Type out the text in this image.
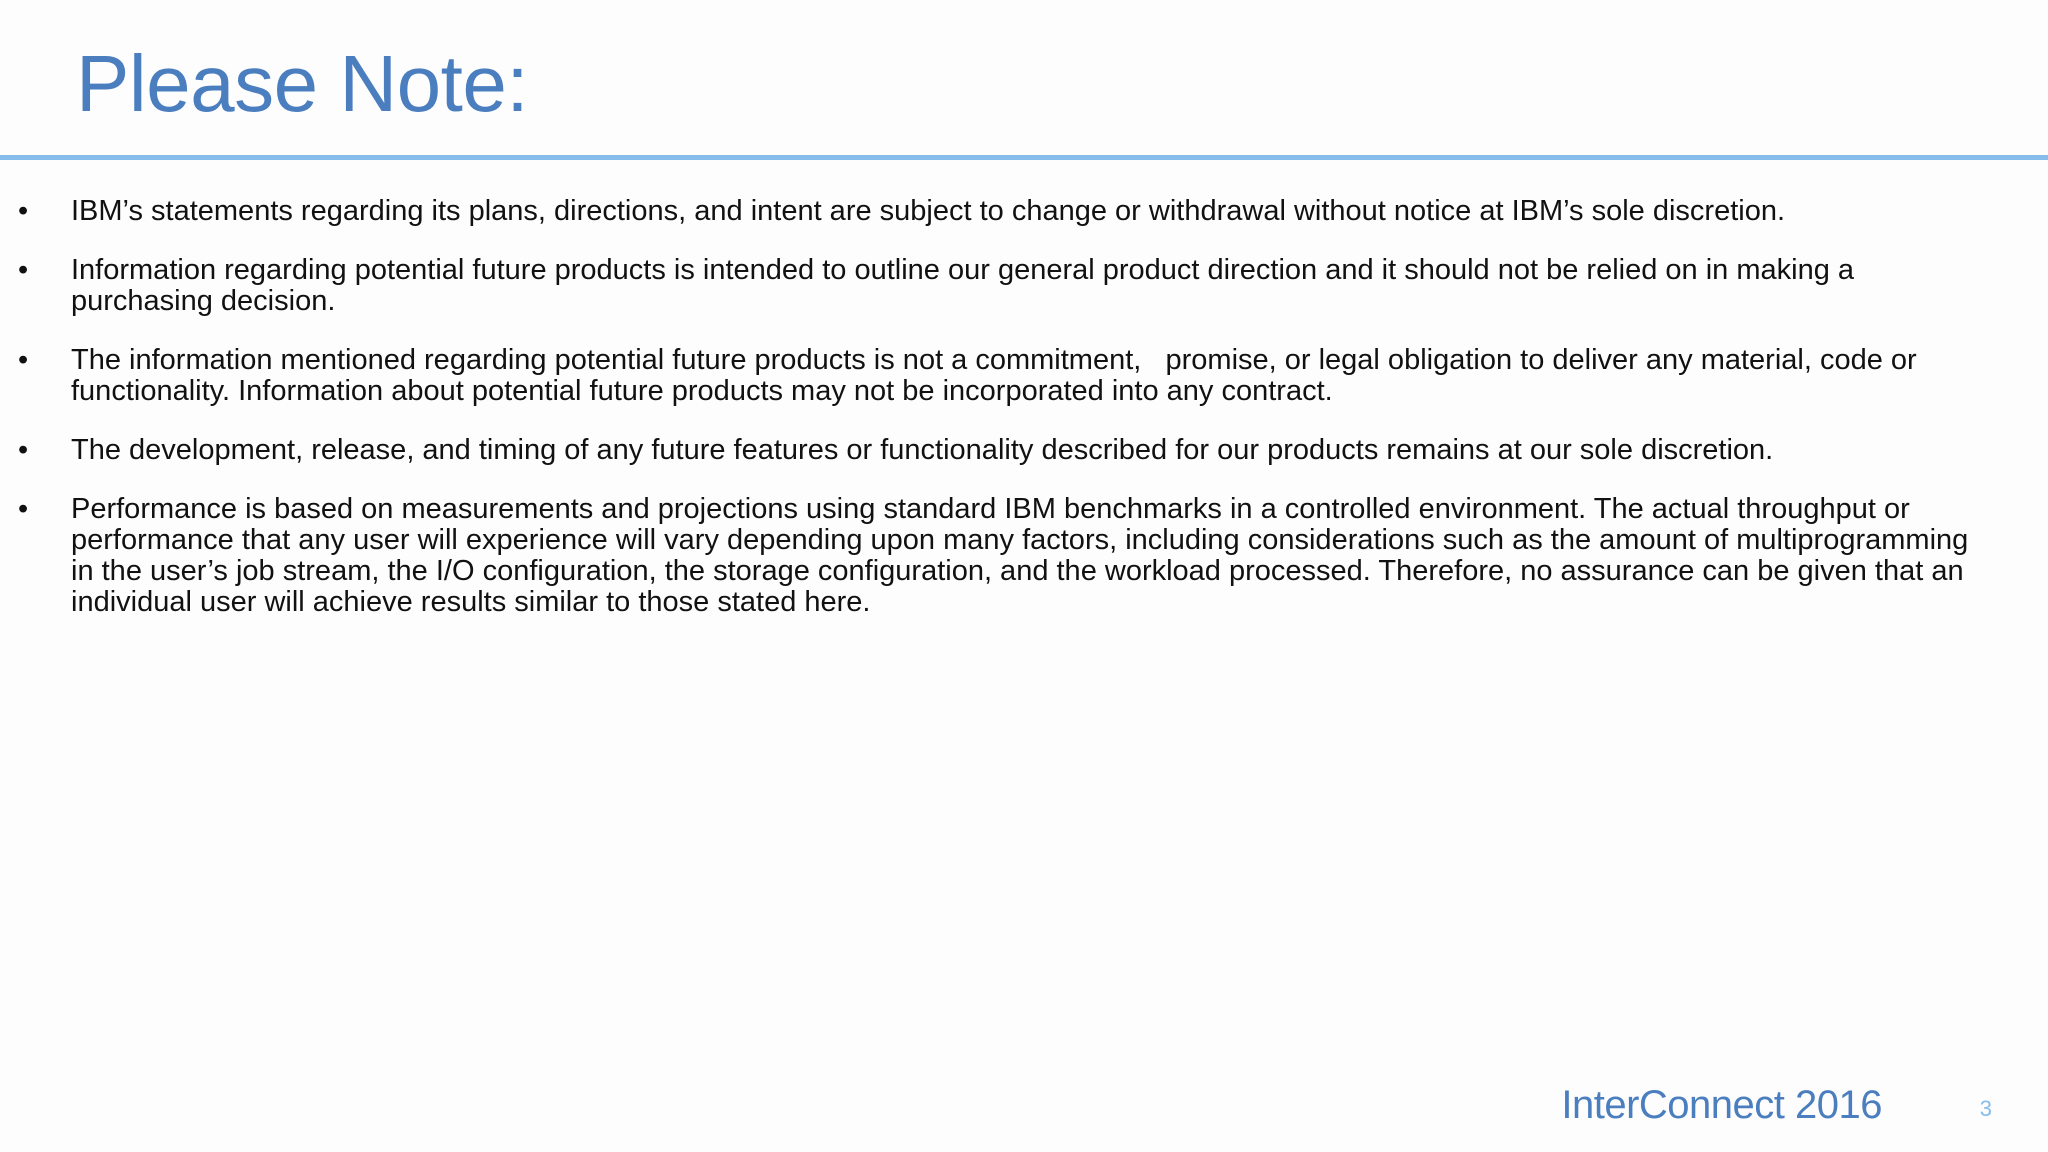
Please Note:
•	IBM’s statements regarding its plans, directions, and intent are subject to change or withdrawal without notice at IBM’s sole discretion.
•	Information regarding potential future products is intended to outline our general product direction and it should not be relied on in making a purchasing decision.
•	The information mentioned regarding potential future products is not a commitment,   promise, or legal obligation to deliver any material, code or functionality. Information about potential future products may not be incorporated into any contract.
•	The development, release, and timing of any future features or functionality described for our products remains at our sole discretion.
•	Performance is based on measurements and projections using standard IBM benchmarks in a controlled environment. The actual throughput or performance that any user will experience will vary depending upon many factors, including considerations such as the amount of multiprogramming in the user’s job stream, the I/O configuration, the storage configuration, and the workload processed. Therefore, no assurance can be given that an individual user will achieve results similar to those stated here.
InterConnect 2016	3
